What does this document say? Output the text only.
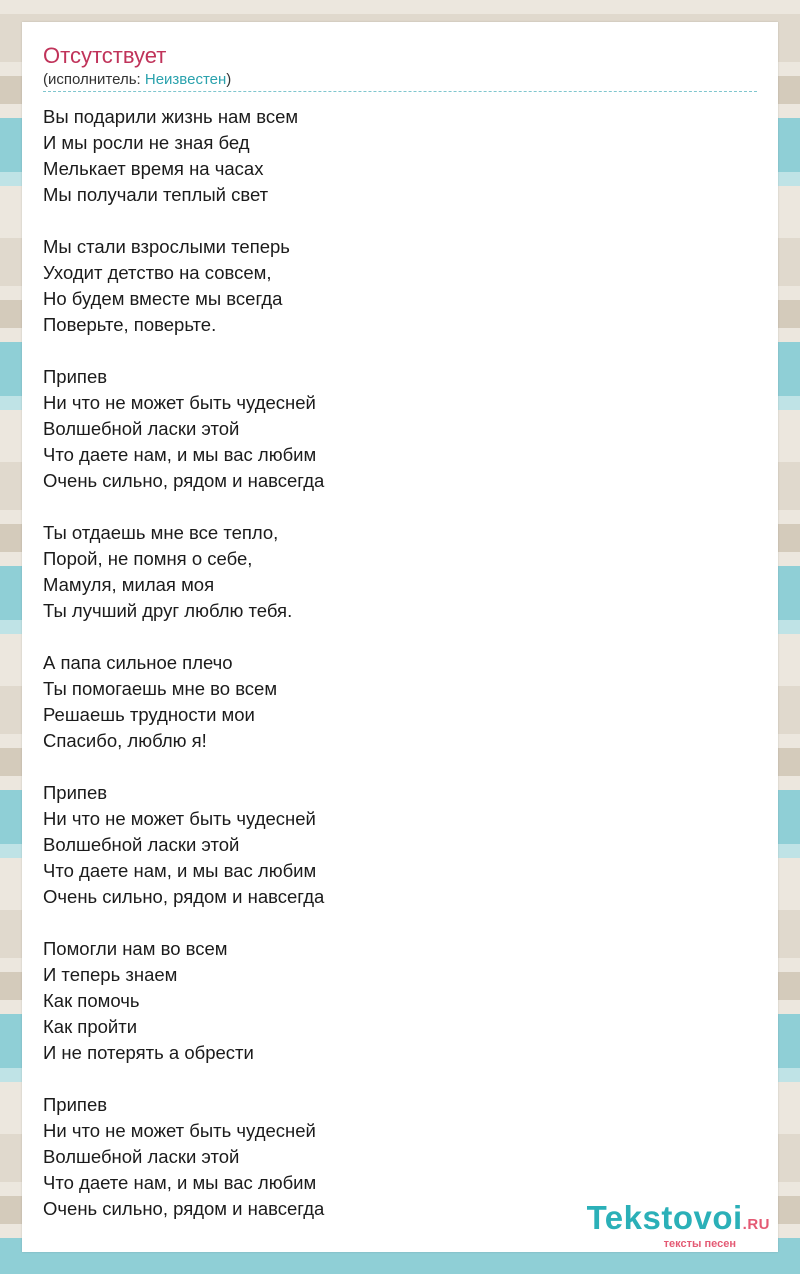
Отсутствует
(исполнитель: Неизвестен)
Вы подарили жизнь нам всем
И мы росли не зная бед
Мелькает время на часах
Мы получали теплый свет
Мы стали взрослыми теперь
Уходит детство на совсем,
Но будем вместе мы всегда
Поверьте, поверьте.
Припев
Ни что не может быть чудесней
Волшебной ласки этой
Что даете нам, и мы вас любим
Очень сильно, рядом и навсегда
Ты отдаешь мне все тепло,
Порой, не помня о себе,
Мамуля, милая моя
Ты лучший друг люблю тебя.
А папа сильное плечо
Ты помогаешь мне во всем
Решаешь трудности мои
Спасибо, люблю я!
Припев
Ни что не может быть чудесней
Волшебной ласки этой
Что даете нам, и мы вас любим
Очень сильно, рядом и навсегда
Помогли нам во всем
И теперь знаем
Как помочь
Как пройти
И не потерять а обрести
Припев
Ни что не может быть чудесней
Волшебной ласки этой
Что даете нам, и мы вас любим
Очень сильно, рядом и навсегда	Tekstovoi.RU
тексты песен
